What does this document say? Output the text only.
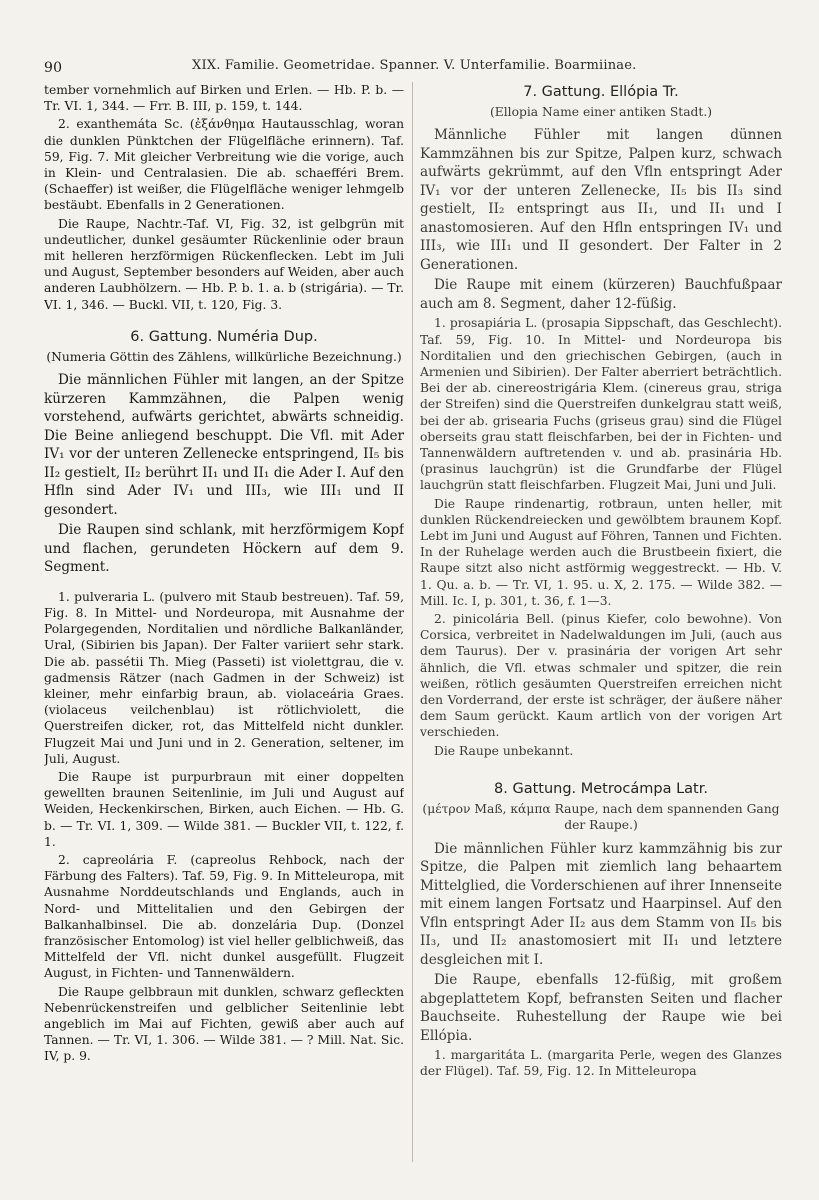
90	XIX. Familie. Geometridae. Spanner. V. Unterfamilie. Boarmiinae.

tember vornehmlich auf Birken und Erlen. — Hb. P. b. — Tr. VI. 1, 344. — Frr. B. III, p. 159, t. 144.

2. exanthemáta Sc. (ἐξάνθημα Hautausschlag, woran die dunklen Pünktchen der Flügelfläche erinnern). Taf. 59, Fig. 7. Mit gleicher Verbreitung wie die vorige, auch in Klein- und Centralasien. Die ab. schaefféri Brem. (Schaeffer) ist weißer, die Flügelfläche weniger lehmgelb bestäubt. Ebenfalls in 2 Generationen.

Die Raupe, Nachtr.-Taf. VI, Fig. 32, ist gelbgrün mit undeutlicher, dunkel gesäumter Rückenlinie oder braun mit helleren herzförmigen Rückenflecken. Lebt im Juli und August, September besonders auf Weiden, aber auch anderen Laubhölzern. — Hb. P. b. 1. a. b (strigária). — Tr. VI. 1, 346. — Buckl. VII, t. 120, Fig. 3.

6. Gattung. Numéria Dup.
(Numeria Göttin des Zählens, willkürliche Bezeichnung.)

Die männlichen Fühler mit langen, an der Spitze kürzeren Kammzähnen, die Palpen wenig vorstehend, aufwärts gerichtet, abwärts schneidig. Die Beine anliegend beschuppt. Die Vfl. mit Ader IV₁ vor der unteren Zellenecke entspringend, II₅ bis II₂ gestielt, II₂ berührt II₁ und II₁ die Ader I. Auf den Hfln sind Ader IV₁ und III₃, wie III₁ und II gesondert.

Die Raupen sind schlank, mit herzförmigem Kopf und flachen, gerundeten Höckern auf dem 9. Segment.

1. pulveraria L. (pulvero mit Staub bestreuen). Taf. 59, Fig. 8. In Mittel- und Nordeuropa, mit Ausnahme der Polargegenden, Norditalien und nördliche Balkanländer, Ural, (Sibirien bis Japan). Der Falter variiert sehr stark. Die ab. passétii Th. Mieg (Passeti) ist violettgrau, die v. gadmensis Rätzer (nach Gadmen in der Schweiz) ist kleiner, mehr einfarbig braun, ab. violaceária Graes. (violaceus veilchenblau) ist rötlichviolett, die Querstreifen dicker, rot, das Mittelfeld nicht dunkler. Flugzeit Mai und Juni und in 2. Generation, seltener, im Juli, August.

Die Raupe ist purpurbraun mit einer doppelten gewellten braunen Seitenlinie, im Juli und August auf Weiden, Heckenkirschen, Birken, auch Eichen. — Hb. G. b. — Tr. VI. 1, 309. — Wilde 381. — Buckler VII, t. 122, f. 1.

2. capreolária F. (capreolus Rehbock, nach der Färbung des Falters). Taf. 59, Fig. 9. In Mitteleuropa, mit Ausnahme Norddeutschlands und Englands, auch in Nord- und Mittelitalien und den Gebirgen der Balkanhalbinsel. Die ab. donzelária Dup. (Donzel französischer Entomolog) ist viel heller gelblichweiß, das Mittelfeld der Vfl. nicht dunkel ausgefüllt. Flugzeit August, in Fichten- und Tannenwäldern.

Die Raupe gelbbraun mit dunklen, schwarz gefleckten Nebenrückenstreifen und gelblicher Seitenlinie lebt angeblich im Mai auf Fichten, gewiß aber auch auf Tannen. — Tr. VI, 1. 306. — Wilde 381. — ? Mill. Nat. Sic. IV, p. 9.

7. Gattung. Ellópia Tr.
(Ellopia Name einer antiken Stadt.)

Männliche Fühler mit langen dünnen Kammzähnen bis zur Spitze, Palpen kurz, schwach aufwärts gekrümmt, auf den Vfln entspringt Ader IV₁ vor der unteren Zellenecke, II₅ bis II₃ sind gestielt, II₂ entspringt aus II₁, und II₁ und I anastomosieren. Auf den Hfln entspringen IV₁ und III₃, wie III₁ und II gesondert. Der Falter in 2 Generationen.

Die Raupe mit einem (kürzeren) Bauchfußpaar auch am 8. Segment, daher 12-füßig.

1. prosapiária L. (prosapia Sippschaft, das Geschlecht). Taf. 59, Fig. 10. In Mittel- und Nordeuropa bis Norditalien und den griechischen Gebirgen, (auch in Armenien und Sibirien). Der Falter aberriert beträchtlich. Bei der ab. cinereostrigária Klem. (cinereus grau, striga der Streifen) sind die Querstreifen dunkelgrau statt weiß, bei der ab. grisearia Fuchs (griseus grau) sind die Flügel oberseits grau statt fleischfarben, bei der in Fichten- und Tannenwäldern auftretenden v. und ab. prasinária Hb. (prasinus lauchgrün) ist die Grundfarbe der Flügel lauchgrün statt fleischfarben. Flugzeit Mai, Juni und Juli.

Die Raupe rindenartig, rotbraun, unten heller, mit dunklen Rückendreiecken und gewölbtem braunem Kopf. Lebt im Juni und August auf Föhren, Tannen und Fichten. In der Ruhelage werden auch die Brustbeein fixiert, die Raupe sitzt also nicht astförmig weggestreckt. — Hb. V. 1. Qu. a. b. — Tr. VI, 1. 95. u. X, 2. 175. — Wilde 382. — Mill. Ic. I, p. 301, t. 36, f. 1—3.

2. pinicolária Bell. (pinus Kiefer, colo bewohne). Von Corsica, verbreitet in Nadelwaldungen im Juli, (auch aus dem Taurus). Der v. prasinária der vorigen Art sehr ähnlich, die Vfl. etwas schmaler und spitzer, die rein weißen, rötlich gesäumten Querstreifen erreichen nicht den Vorderrand, der erste ist schräger, der äußere näher dem Saum gerückt. Kaum artlich von der vorigen Art verschieden.

Die Raupe unbekannt.

8. Gattung. Metrocámpa Latr.
(μέτρον Maß, κάμπα Raupe, nach dem spannenden Gang der Raupe.)

Die männlichen Fühler kurz kammzähnig bis zur Spitze, die Palpen mit ziemlich lang behaartem Mittelglied, die Vorderschienen auf ihrer Innenseite mit einem langen Fortsatz und Haarpinsel. Auf den Vfln entspringt Ader II₂ aus dem Stamm von II₅ bis II₃, und II₂ anastomosiert mit II₁ und letztere desgleichen mit I.

Die Raupe, ebenfalls 12-füßig, mit großem abgeplattetem Kopf, befransten Seiten und flacher Bauchseite. Ruhestellung der Raupe wie bei Ellópia.

1. margaritáta L. (margarita Perle, wegen des Glanzes der Flügel). Taf. 59, Fig. 12. In Mitteleuropa
